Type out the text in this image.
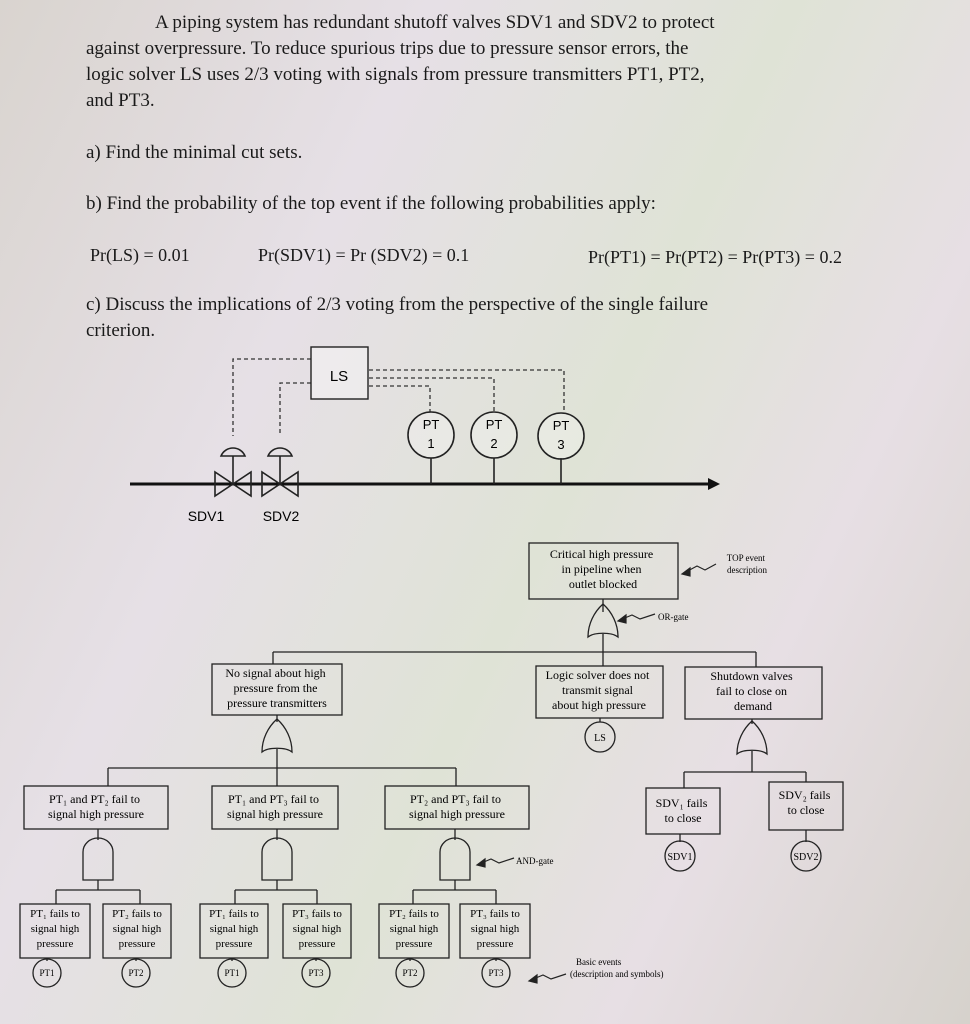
A piping system has redundant shutoff valves SDV1 and SDV2 to protect
against overpressure. To reduce spurious trips due to pressure sensor errors, the
logic solver LS uses 2/3 voting with signals from pressure transmitters PT1, PT2,
and PT3.
a) Find the minimal cut sets.
b) Find the probability of the top event if the following probabilities apply:
Pr(LS) = 0.01	Pr(SDV1) = Pr (SDV2) = 0.1	Pr(PT1) = Pr(PT2) = Pr(PT3) = 0.2
c) Discuss the implications of 2/3 voting from the perspective of the single failure
criterion.
LS
PT
1
PT
2
PT
3
SDV1	SDV2
Critical high pressure in pipeline when outlet blocked
TOP event description
OR-gate
No signal about high pressure from the pressure transmitters
Logic solver does not transmit signal about high pressure
LS
Shutdown valves fail to close on demand
PT₁ and PT₂ fail to signal high pressure
PT₁ and PT₃ fail to signal high pressure
PT₂ and PT₃ fail to signal high pressure
SDV₁ fails to close
SDV₂ fails to close
SDV1	SDV2
AND-gate
PT₁ fails to signal high pressure
PT₂ fails to signal high pressure
PT₁ fails to signal high pressure
PT₃ fails to signal high pressure
PT₂ fails to signal high pressure
PT₃ fails to signal high pressure
PT1	PT2	PT1	PT3	PT2	PT3
Basic events (description and symbols)
